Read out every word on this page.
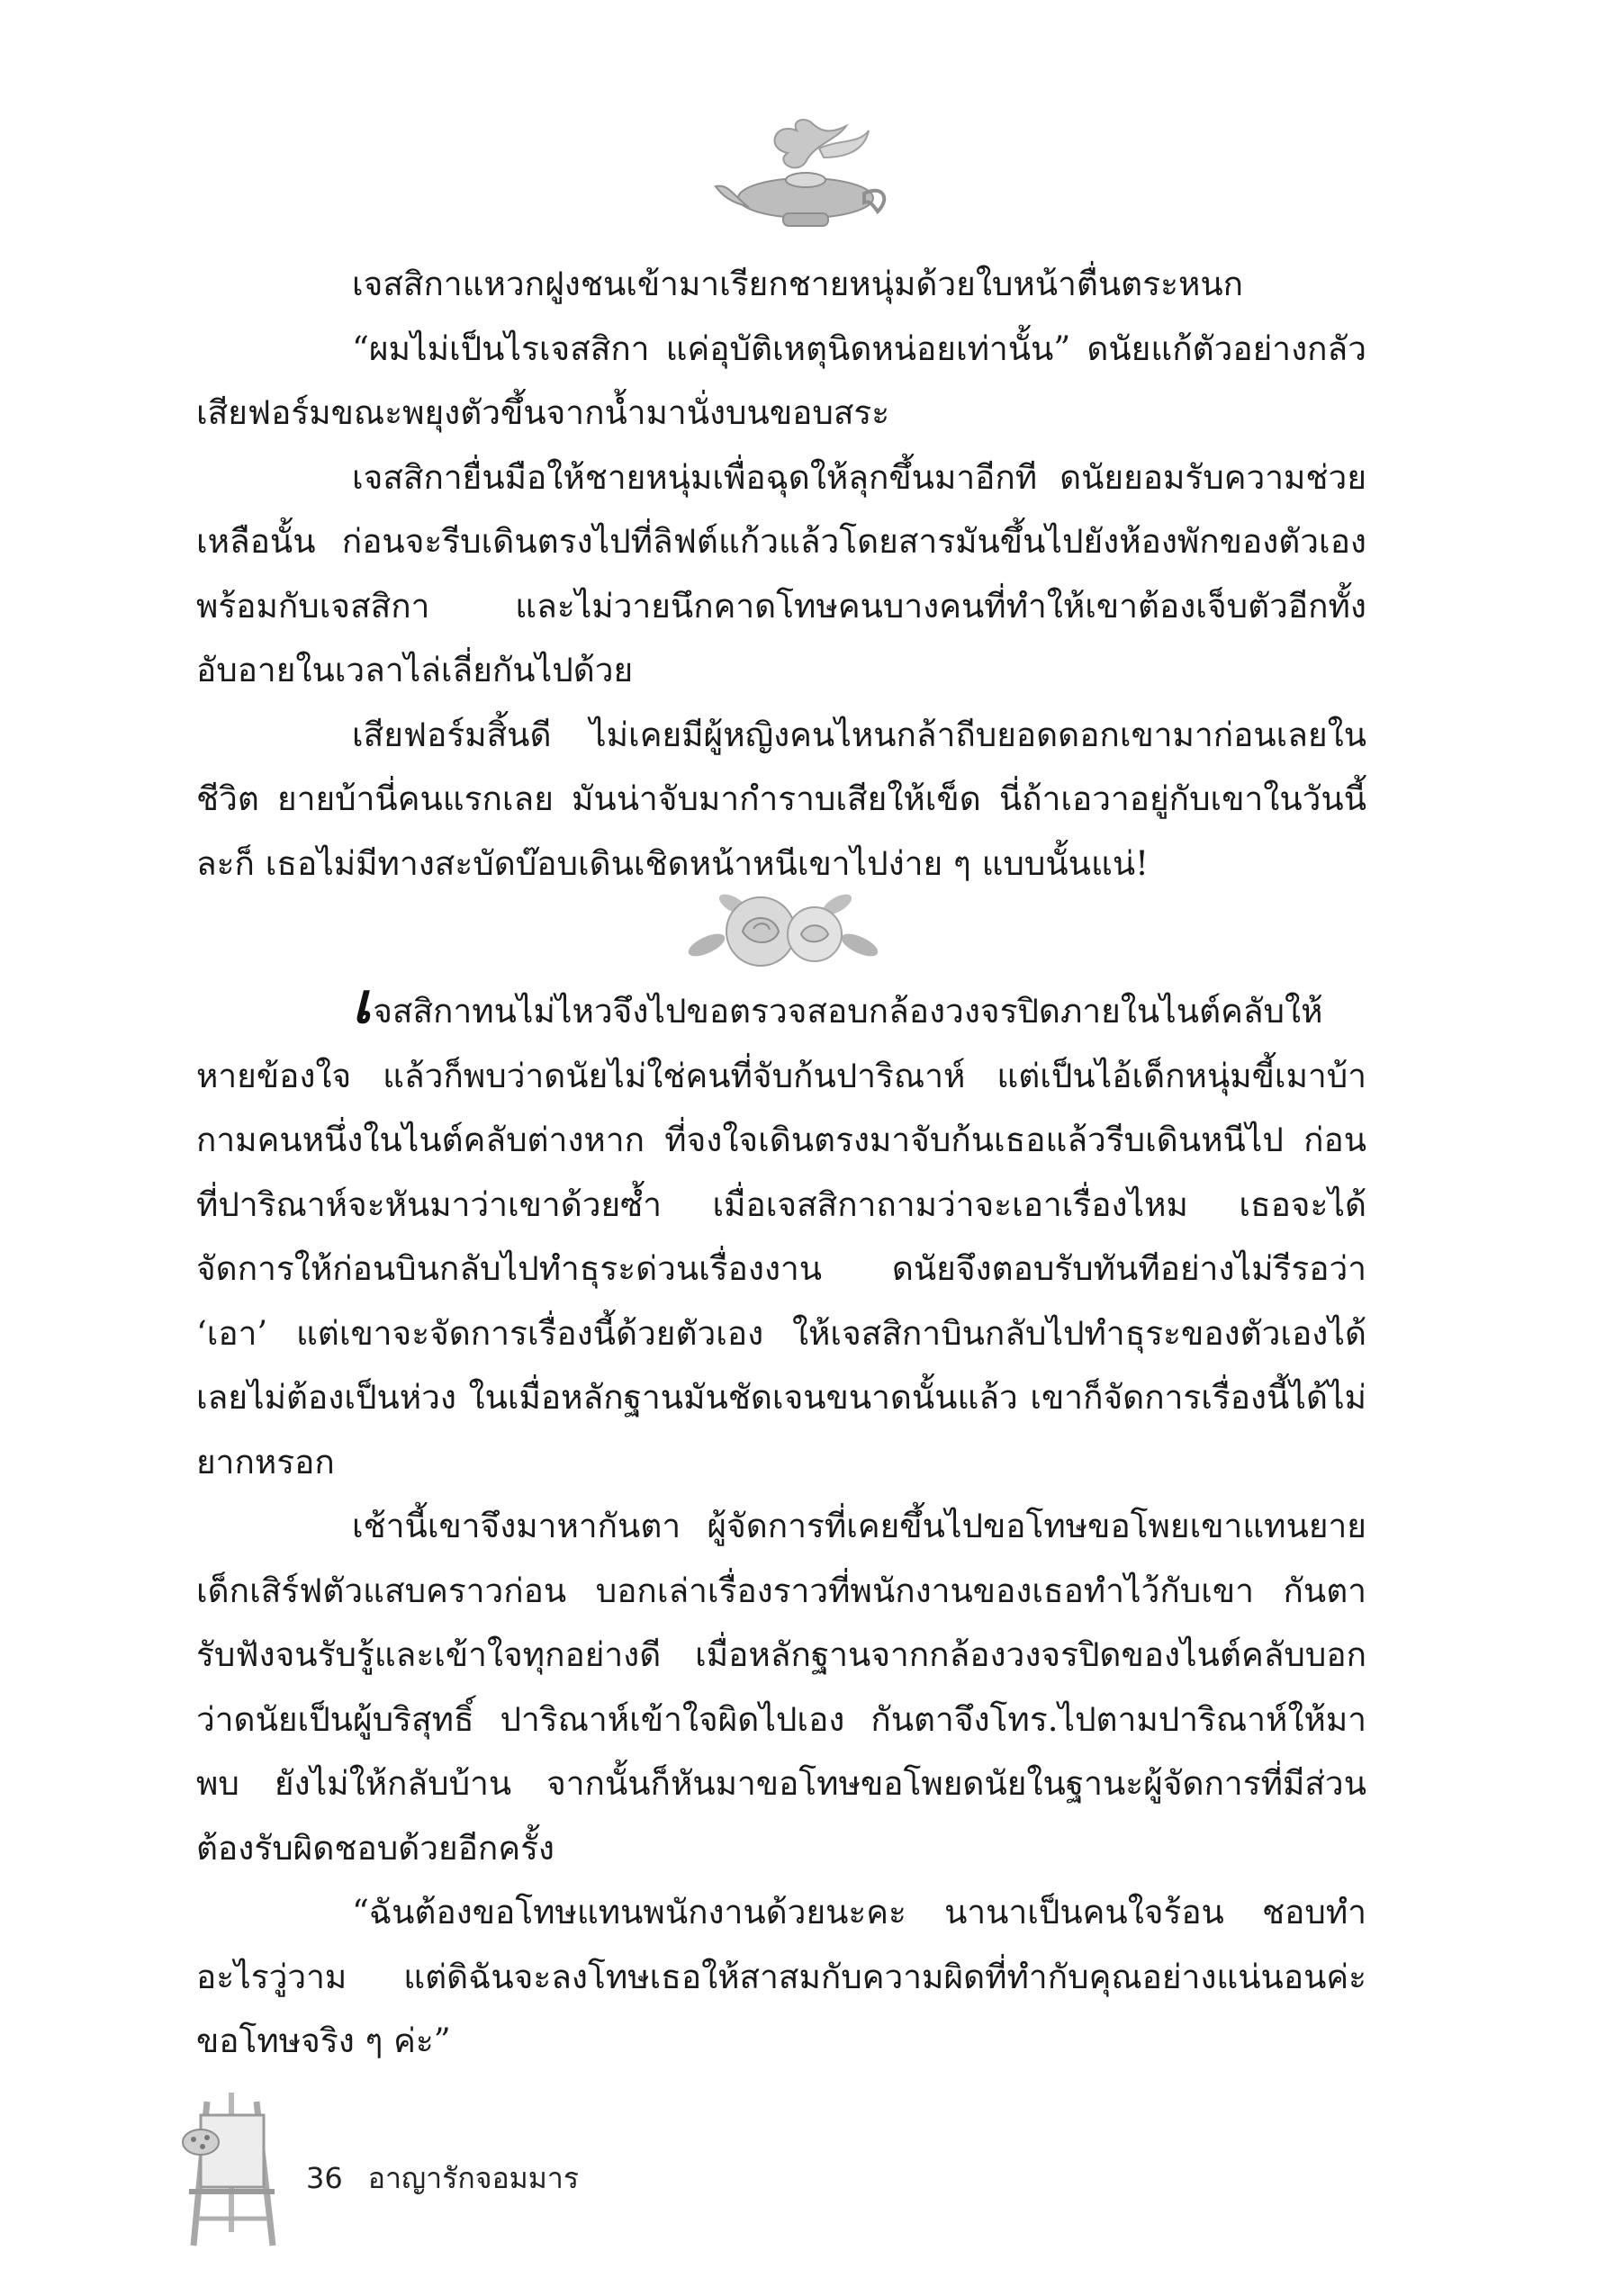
เจสสิกาแหวกฝูงชนเข้ามาเรียกชายหนุ่มด้วยใบหน้าตื่นตระหนก

“ผมไม่เป็นไรเจสสิกา แค่อุบัติเหตุนิดหน่อยเท่านั้น” ดนัยแก้ตัวอย่างกลัวเสียฟอร์มขณะพยุงตัวขึ้นจากน้ำมานั่งบนขอบสระ

เจสสิกายื่นมือให้ชายหนุ่มเพื่อฉุดให้ลุกขึ้นมาอีกที ดนัยยอมรับความช่วยเหลือนั้น ก่อนจะรีบเดินตรงไปที่ลิฟต์แก้วแล้วโดยสารมันขึ้นไปยังห้องพักของตัวเองพร้อมกับเจสสิกา และไม่วายนึกคาดโทษคนบางคนที่ทำให้เขาต้องเจ็บตัวอีกทั้งอับอายในเวลาไล่เลี่ยกันไปด้วย

เสียฟอร์มสิ้นดี ไม่เคยมีผู้หญิงคนไหนกล้าถีบยอดดอกเขามาก่อนเลยในชีวิต ยายบ้านี่คนแรกเลย มันน่าจับมากำราบเสียให้เข็ด นี่ถ้าเอวาอยู่กับเขาในวันนี้ละก็ เธอไม่มีทางสะบัดบ๊อบเดินเชิดหน้าหนีเขาไปง่าย ๆ แบบนั้นแน่!

เจสสิกาทนไม่ไหวจึงไปขอตรวจสอบกล้องวงจรปิดภายในไนต์คลับให้หายข้องใจ แล้วก็พบว่าดนัยไม่ใช่คนที่จับก้นปาริณาห์ แต่เป็นไอ้เด็กหนุ่มขี้เมาบ้ากามคนหนึ่งในไนต์คลับต่างหาก ที่จงใจเดินตรงมาจับก้นเธอแล้วรีบเดินหนีไป ก่อนที่ปาริณาห์จะหันมาว่าเขาด้วยซ้ำ เมื่อเจสสิกาถามว่าจะเอาเรื่องไหม เธอจะได้จัดการให้ก่อนบินกลับไปทำธุระด่วนเรื่องงาน ดนัยจึงตอบรับทันทีอย่างไม่รีรอว่า ‘เอา’ แต่เขาจะจัดการเรื่องนี้ด้วยตัวเอง ให้เจสสิกาบินกลับไปทำธุระของตัวเองได้เลยไม่ต้องเป็นห่วง ในเมื่อหลักฐานมันชัดเจนขนาดนั้นแล้ว เขาก็จัดการเรื่องนี้ได้ไม่ยากหรอก

เช้านี้เขาจึงมาหากันตา ผู้จัดการที่เคยขึ้นไปขอโทษขอโพยเขาแทนยายเด็กเสิร์ฟตัวแสบคราวก่อน บอกเล่าเรื่องราวที่พนักงานของเธอทำไว้กับเขา กันตารับฟังจนรับรู้และเข้าใจทุกอย่างดี เมื่อหลักฐานจากกล้องวงจรปิดของไนต์คลับบอกว่าดนัยเป็นผู้บริสุทธิ์ ปาริณาห์เข้าใจผิดไปเอง กันตาจึงโทร.ไปตามปาริณาห์ให้มาพบ ยังไม่ให้กลับบ้าน จากนั้นก็หันมาขอโทษขอโพยดนัยในฐานะผู้จัดการที่มีส่วนต้องรับผิดชอบด้วยอีกครั้ง

“ฉันต้องขอโทษแทนพนักงานด้วยนะคะ นานาเป็นคนใจร้อน ชอบทำอะไรวู่วาม แต่ดิฉันจะลงโทษเธอให้สาสมกับความผิดที่ทำกับคุณอย่างแน่นอนค่ะ ขอโทษจริง ๆ ค่ะ”

36 อาญารักจอมมาร
